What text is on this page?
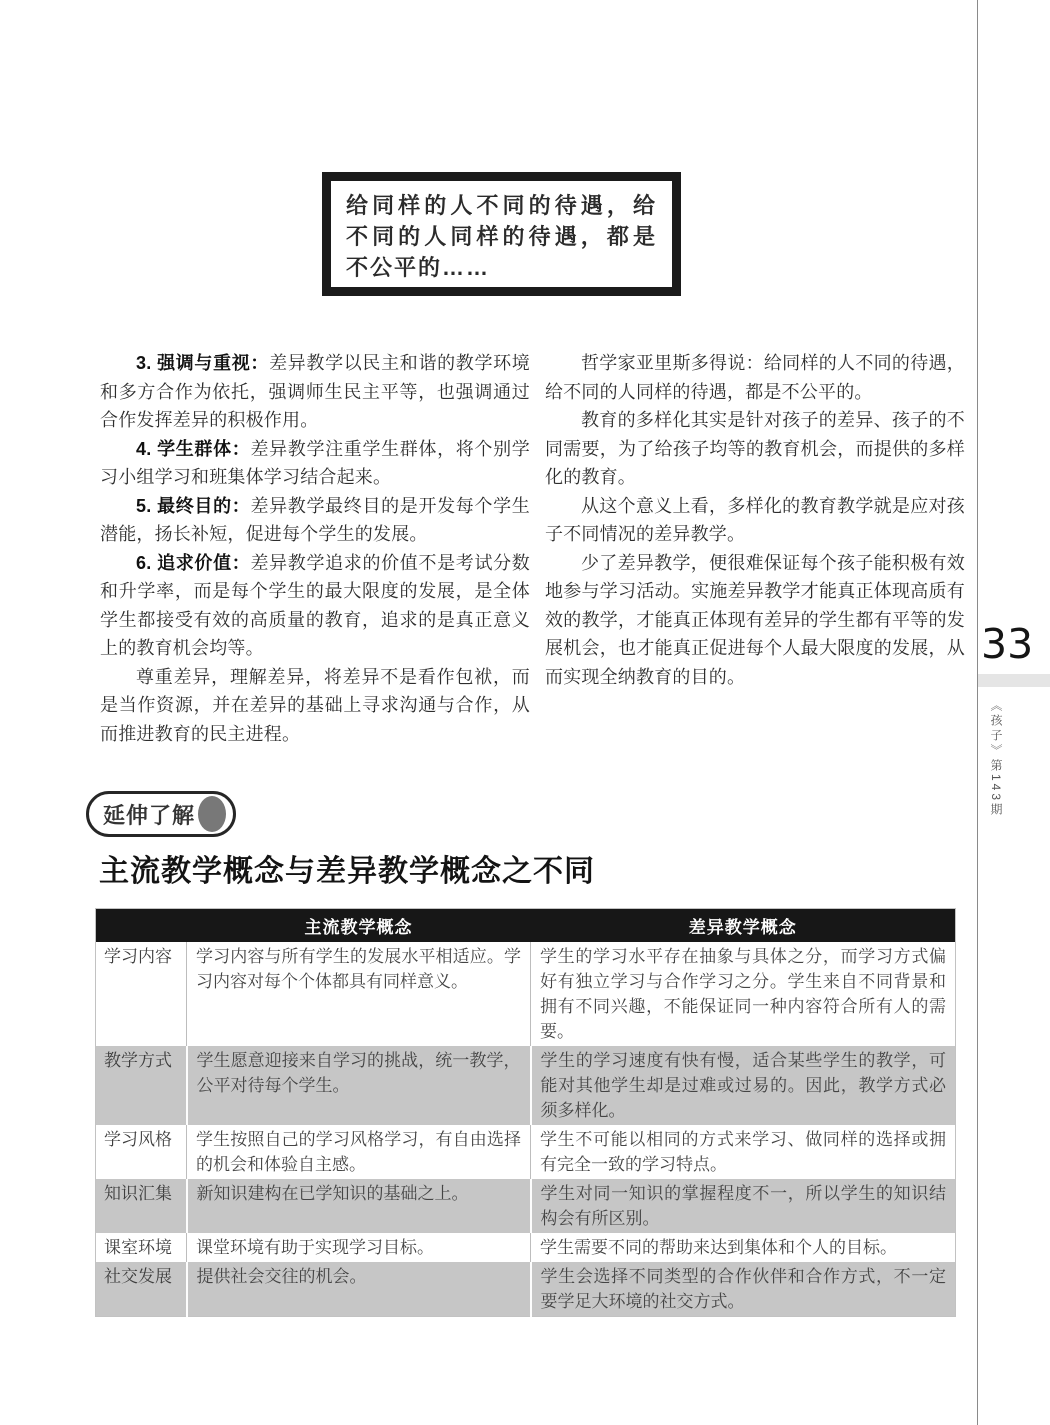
给同样的人不同的待遇，给不同的人同样的待遇，都是不公平的……

3. 强调与重视：差异教学以民主和谐的教学环境和多方合作为依托，强调师生民主平等，也强调通过合作发挥差异的积极作用。

4. 学生群体：差异教学注重学生群体，将个别学习小组学习和班集体学习结合起来。

5. 最终目的：差异教学最终目的是开发每个学生潜能，扬长补短，促进每个学生的发展。

6. 追求价值：差异教学追求的价值不是考试分数和升学率，而是每个学生的最大限度的发展，是全体学生都接受有效的高质量的教育，追求的是真正意义上的教育机会均等。

尊重差异，理解差异，将差异不是看作包袱，而是当作资源，并在差异的基础上寻求沟通与合作，从而推进教育的民主进程。

哲学家亚里斯多得说：给同样的人不同的待遇，给不同的人同样的待遇，都是不公平的。

教育的多样化其实是针对孩子的差异、孩子的不同需要，为了给孩子均等的教育机会，而提供的多样化的教育。

从这个意义上看，多样化的教育教学就是应对孩子不同情况的差异教学。

少了差异教学，便很难保证每个孩子能积极有效地参与学习活动。实施差异教学才能真正体现高质有效的教学，才能真正体现有差异的学生都有平等的发展机会，也才能真正促进每个人最大限度的发展，从而实现全纳教育的目的。

33
《孩子》第143期
延伸了解
主流教学概念与差异教学概念之不同
	主流教学概念	差异教学概念
学习内容	学习内容与所有学生的发展水平相适应。学习内容对每个个体都具有同样意义。	学生的学习水平存在抽象与具体之分，而学习方式偏好有独立学习与合作学习之分。学生来自不同背景和拥有不同兴趣，不能保证同一种内容符合所有人的需要。
教学方式	学生愿意迎接来自学习的挑战，统一教学，公平对待每个学生。	学生的学习速度有快有慢，适合某些学生的教学，可能对其他学生却是过难或过易的。因此，教学方式必须多样化。
学习风格	学生按照自己的学习风格学习，有自由选择的机会和体验自主感。	学生不可能以相同的方式来学习、做同样的选择或拥有完全一致的学习特点。
知识汇集	新知识建构在已学知识的基础之上。	学生对同一知识的掌握程度不一，所以学生的知识结构会有所区别。
课室环境	课堂环境有助于实现学习目标。	学生需要不同的帮助来达到集体和个人的目标。
社交发展	提供社会交往的机会。	学生会选择不同类型的合作伙伴和合作方式，不一定要学足大环境的社交方式。
